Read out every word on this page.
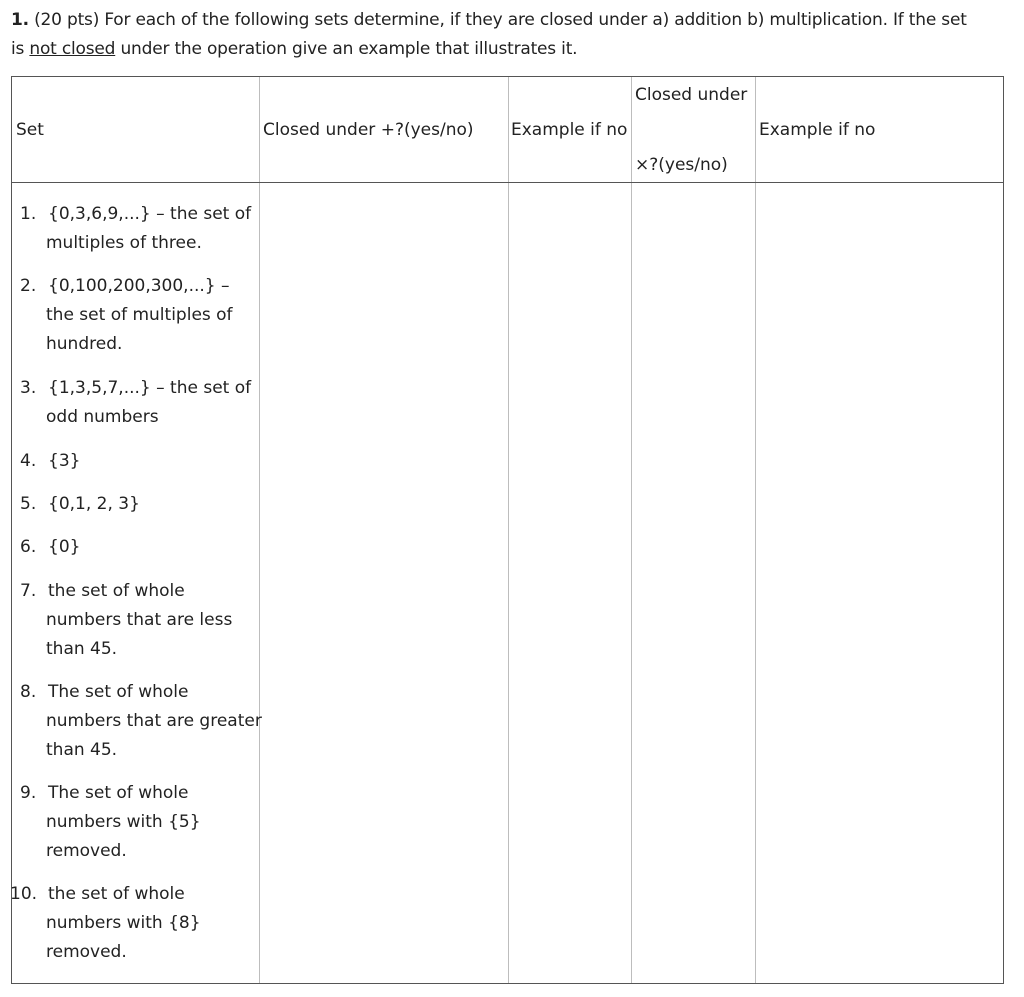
1. (20 pts) For each of the following sets determine, if they are closed under a) addition b) multiplication. If the set
is not closed under the operation give an example that illustrates it.
Set	Closed under +?(yes/no) Example if no
Closed under
×?(yes/no)
Example if no
1. {0,3,6,9,...} – the set of
multiples of three.
2. {0,100,200,300,...} –
the set of multiples of
hundred.
3. {1,3,5,7,...} – the set of
odd numbers
4. {3}
5. {0,1, 2, 3}
6. {0}
7. the set of whole
numbers that are less
than 45.
8. The set of whole
numbers that are greater
than 45.
9. The set of whole
numbers with {5}
removed.
10. the set of whole
numbers with {8}
removed.
